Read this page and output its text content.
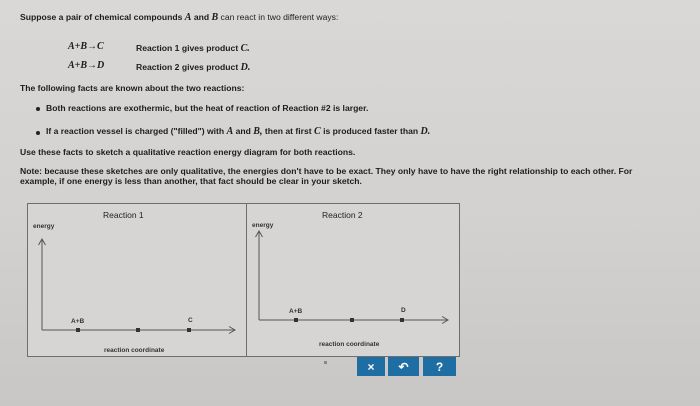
Suppose a pair of chemical compounds A and B can react in two different ways:
A+B→C	Reaction 1 gives product C.
A+B→D	Reaction 2 gives product D.
The following facts are known about the two reactions:
Both reactions are exothermic, but the heat of reaction of Reaction #2 is larger.
If a reaction vessel is charged ("filled") with A and B, then at first C is produced faster than D.
Use these facts to sketch a qualitative reaction energy diagram for both reactions.
Note: because these sketches are only qualitative, the energies don't have to be exact. They only have to have the right relationship to each other. For
example, if one energy is less than another, that fact should be clear in your sketch.
Reaction 1
energy
A+B	C
reaction coordinate
Reaction 2
energy
A+B	D
reaction coordinate
×	↶	?
